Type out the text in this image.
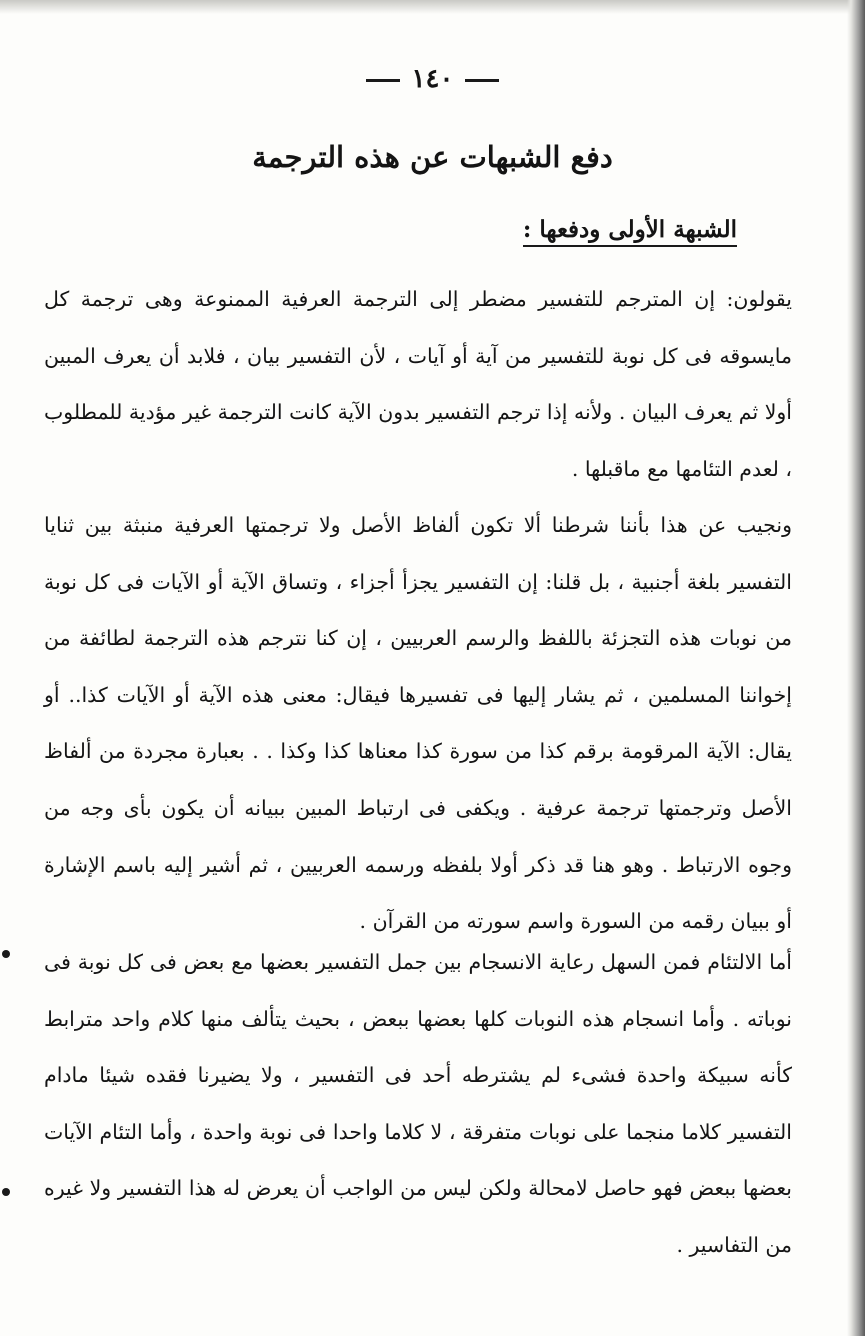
١٤٠
دفع الشبهات عن هذه الترجمة
الشبهة الأولى ودفعها :
يقولون: إن المترجم للتفسير مضطر إلى الترجمة العرفية الممنوعة وهى ترجمة كل مايسوقه فى كل نوبة للتفسير من آية أو آيات ، لأن التفسير بيان ، فلابد أن يعرف المبين أولا ثم يعرف البيان . ولأنه إذا ترجم التفسير بدون الآية كانت الترجمة غير مؤدية للمطلوب ، لعدم التئامها مع ماقبلها .
ونجيب عن هذا بأننا شرطنا ألا تكون ألفاظ الأصل ولا ترجمتها العرفية منبثة بين ثنايا التفسير بلغة أجنبية ، بل قلنا: إن التفسير يجزأ أجزاء ، وتساق الآية أو الآيات فى كل نوبة من نوبات هذه التجزئة باللفظ والرسم العربيين ، إن كنا نترجم هذه الترجمة لطائفة من إخواننا المسلمين ، ثم يشار إليها فى تفسيرها فيقال: معنى هذه الآية أو الآيات كذا.. أو يقال: الآية المرقومة برقم كذا من سورة كذا معناها كذا وكذا . . بعبارة مجردة من ألفاظ الأصل وترجمتها ترجمة عرفية . ويكفى فى ارتباط المبين ببيانه أن يكون بأى وجه من وجوه الارتباط . وهو هنا قد ذكر أولا بلفظه ورسمه العربيين ، ثم أشير إليه باسم الإشارة أو ببيان رقمه من السورة واسم سورته من القرآن .
أما الالتئام فمن السهل رعاية الانسجام بين جمل التفسير بعضها مع بعض فى كل نوبة فى نوباته . وأما انسجام هذه النوبات كلها بعضها ببعض ، بحيث يتألف منها كلام واحد مترابط كأنه سبيكة واحدة فشىء لم يشترطه أحد فى التفسير ، ولا يضيرنا فقده شيئا مادام التفسير كلاما منجما على نوبات متفرقة ، لا كلاما واحدا فى نوبة واحدة ، وأما التئام الآيات بعضها ببعض فهو حاصل لامحالة ولكن ليس من الواجب أن يعرض له هذا التفسير ولا غيره من التفاسير .
